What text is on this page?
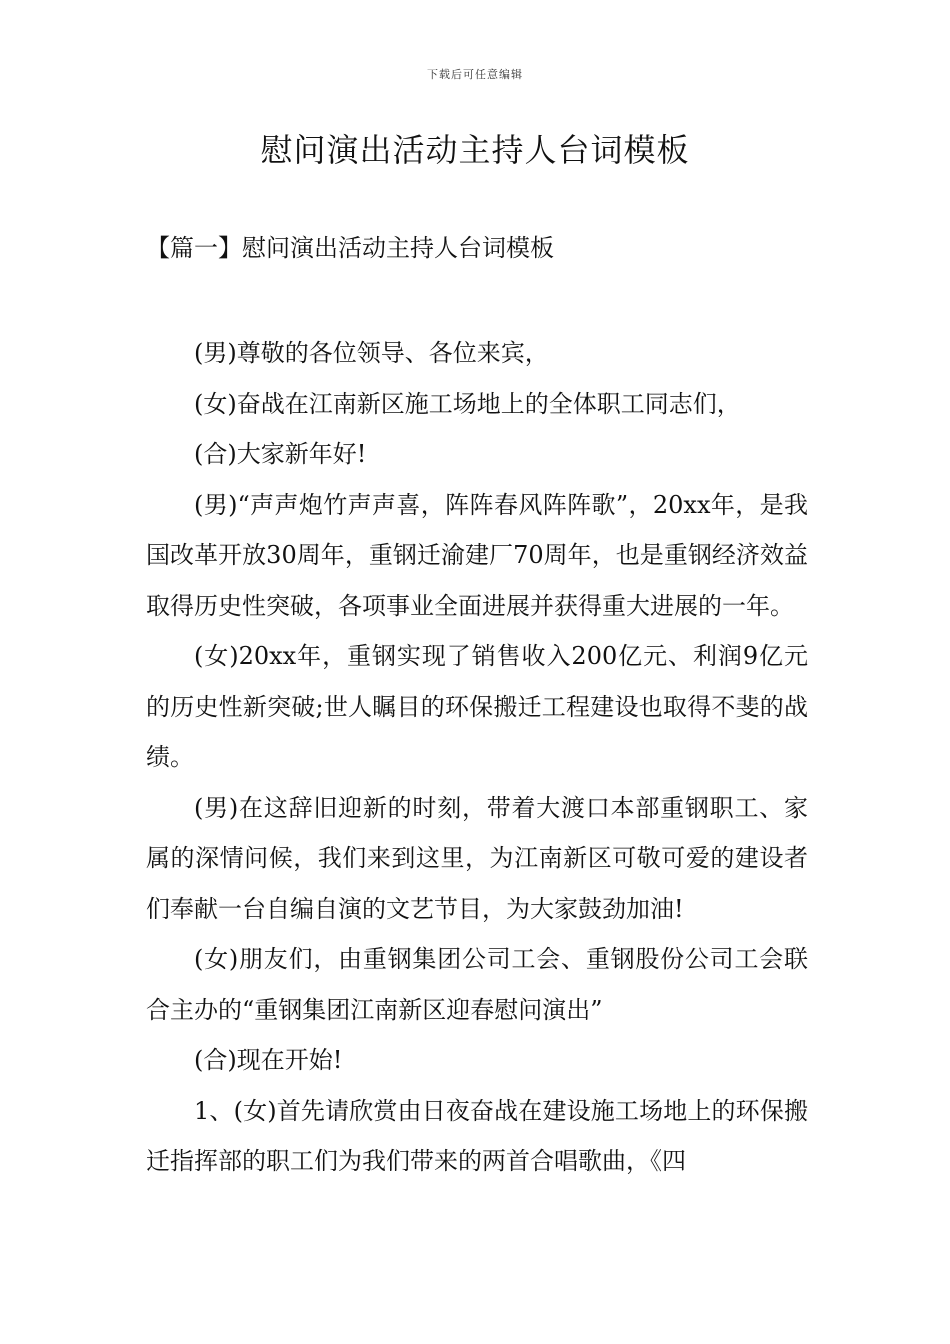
下载后可任意编辑
慰问演出活动主持人台词模板
【篇一】慰问演出活动主持人台词模板

(男)尊敬的各位领导、各位来宾，

(女)奋战在江南新区施工场地上的全体职工同志们，

(合)大家新年好!

(男)“声声炮竹声声喜，阵阵春风阵阵歌”，20xx年，是我国改革开放30周年，重钢迁渝建厂70周年，也是重钢经济效益取得历史性突破，各项事业全面进展并获得重大进展的一年。

(女)20xx年，重钢实现了销售收入200亿元、利润9亿元的历史性新突破;世人瞩目的环保搬迁工程建设也取得不斐的战绩。

(男)在这辞旧迎新的时刻，带着大渡口本部重钢职工、家属的深情问候，我们来到这里，为江南新区可敬可爱的建设者们奉献一台自编自演的文艺节目，为大家鼓劲加油!

(女)朋友们，由重钢集团公司工会、重钢股份公司工会联合主办的“重钢集团江南新区迎春慰问演出”

(合)现在开始!

1、(女)首先请欣赏由日夜奋战在建设施工场地上的环保搬迁指挥部的职工们为我们带来的两首合唱歌曲，《四
